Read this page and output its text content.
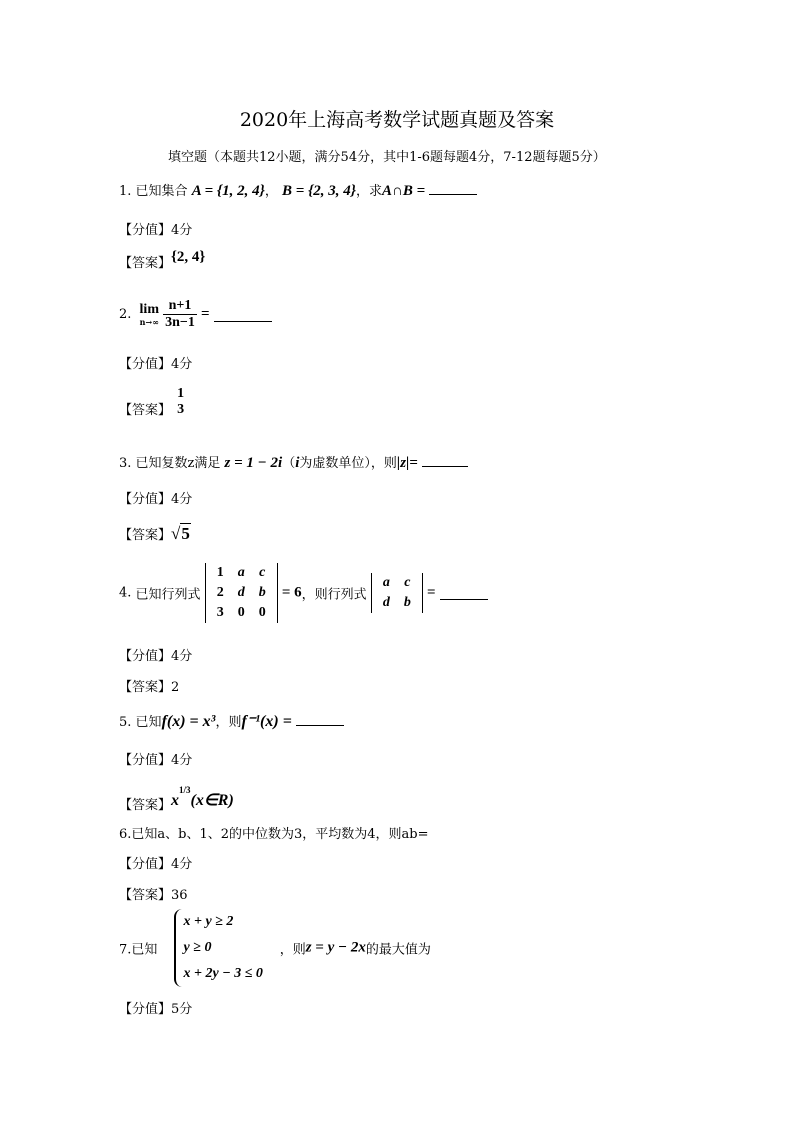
2020年上海高考数学试题真题及答案
填空题（本题共12小题，满分54分，其中1-6题每题4分，7-12题每题5分）
1. 已知集合 A = {1, 2, 4}， B = {2, 3, 4}，求A∩B =
【分值】4分
【答案】{2, 4}
2. lim
n→∞
$\frac{n+1}{3n-1}$ =
【分值】4分
【答案】
1
3
3. 已知复数z满足 z = 1 − 2i（i为虚数单位），则|z|=
【分值】4分
【答案】√5
4. 已知行列式
1	a	c
2	d	b
3	0	0
= 6，则行列式
a	c
d	b
=
【分值】4分
【答案】2
5. 已知f(x) = x³，则f⁻¹(x) =
【分值】4分
【答案】x1/3(x∈R)
6.已知a、b、1、2的中位数为3，平均数为4，则ab=
【分值】4分
【答案】36
7.已知
x + y ≥ 2
y ≥ 0
x + 2y − 3 ≤ 0
，则z = y − 2x的最大值为
【分值】5分
